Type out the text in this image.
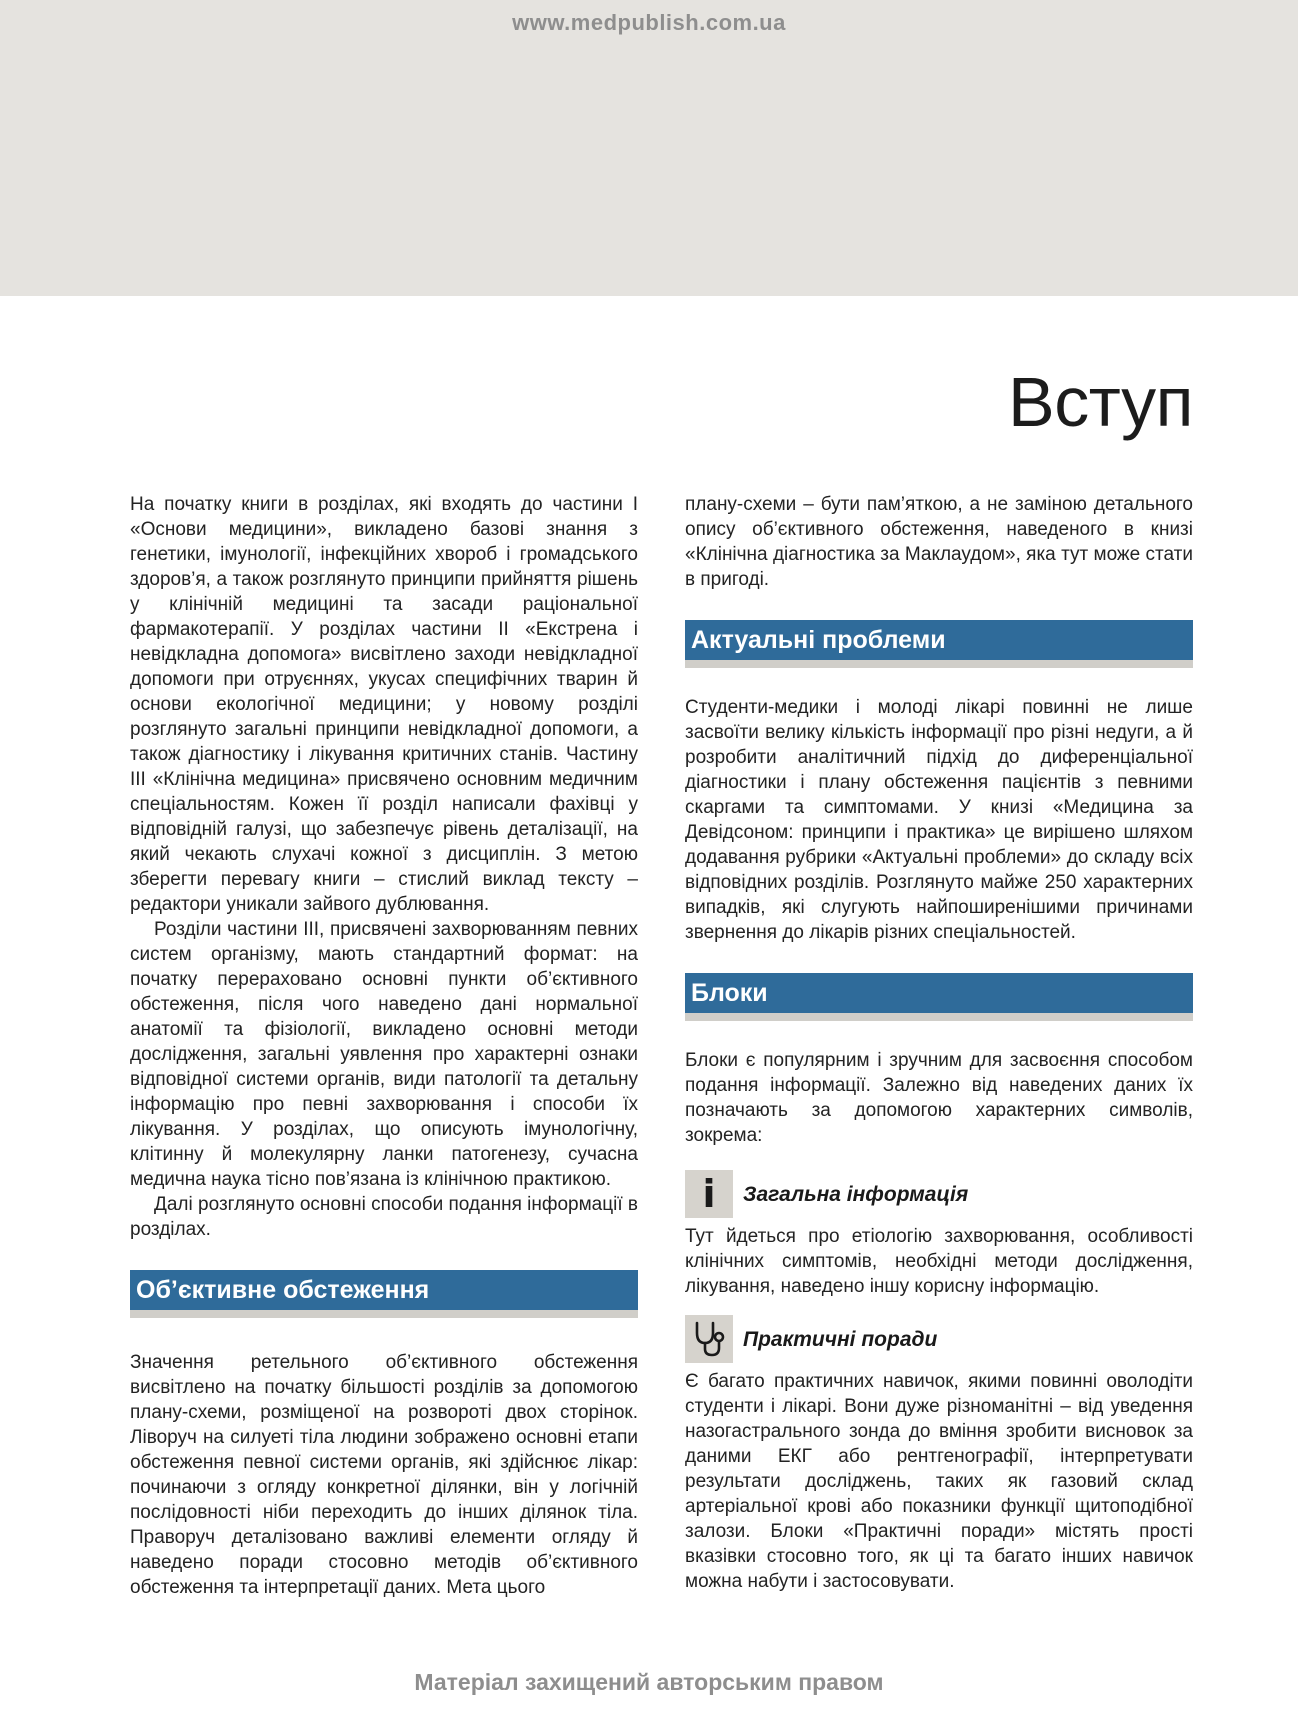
www.medpublish.com.ua
Вступ

На початку книги в розділах, які входять до частини І «Основи медицини», викладено базові знання з генетики, імунології, інфекційних хвороб і громадського здоров’я, а також розглянуто принципи прийняття рішень у клінічній медицині та засади раціональної фармакотерапії. У розділах частини ІІ «Екстрена і невідкладна допомога» висвітлено заходи невідкладної допомоги при отруєннях, укусах специфічних тварин й основи екологічної медицини; у новому розділі розглянуто загальні принципи невідкладної допомоги, а також діагностику і лікування критичних станів. Частину ІІІ «Клінічна медицина» присвячено основним медичним спеціальностям. Кожен її розділ написали фахівці у відповідній галузі, що забезпечує рівень деталізації, на який чекають слухачі кожної з дисциплін. З метою зберегти перевагу книги – стислий виклад тексту – редактори уникали зайвого дублювання.

Розділи частини ІІІ, присвячені захворюванням певних систем організму, мають стандартний формат: на початку перераховано основні пункти об’єктивного обстеження, після чого наведено дані нормальної анатомії та фізіології, викладено основні методи дослідження, загальні уявлення про характерні ознаки відповідної системи органів, види патології та детальну інформацію про певні захворювання і способи їх лікування. У розділах, що описують імунологічну, клітинну й молекулярну ланки патогенезу, сучасна медична наука тісно пов’язана із клінічною практикою.

Далі розглянуто основні способи подання інформації в розділах.

Об’єктивне обстеження

Значення ретельного об’єктивного обстеження висвітлено на початку більшості розділів за допомогою плану-схеми, розміщеної на розвороті двох сторінок. Ліворуч на силуеті тіла людини зображено основні етапи обстеження певної системи органів, які здійснює лікар: починаючи з огляду конкретної ділянки, він у логічній послідовності ніби переходить до інших ділянок тіла. Праворуч деталізовано важливі елементи огляду й наведено поради стосовно методів об’єктивного обстеження та інтерпретації даних. Мета цього

плану-схеми – бути пам’яткою, а не заміною детального опису об’єктивного обстеження, наведеного в книзі «Клінічна діагностика за Маклаудом», яка тут може стати в пригоді.

Актуальні проблеми

Студенти-медики і молоді лікарі повинні не лише засвоїти велику кількість інформації про різні недуги, а й розробити аналітичний підхід до диференціальної діагностики і плану обстеження пацієнтів з певними скаргами та симптомами. У книзі «Медицина за Девідсоном: принципи і практика» це вирішено шляхом додавання рубрики «Актуальні проблеми» до складу всіх відповідних розділів. Розглянуто майже 250 характерних випадків, які слугують найпоширенішими причинами звернення до лікарів різних спеціальностей.

Блоки

Блоки є популярним і зручним для засвоєння способом подання інформації. Залежно від наведених даних їх позначають за допомогою характерних символів, зокрема:

i Загальна інформація

Тут йдеться про етіологію захворювання, особливості клінічних симптомів, необхідні методи дослідження, лікування, наведено іншу корисну інформацію.

Практичні поради

Є багато практичних навичок, якими повинні оволодіти студенти і лікарі. Вони дуже різноманітні – від уведення назогастрального зонда до вміння зробити висновок за даними ЕКГ або рентгенографії, інтерпретувати результати досліджень, таких як газовий склад артеріальної крові або показники функції щитоподібної залози. Блоки «Практичні поради» містять прості вказівки стосовно того, як ці та багато інших навичок можна набути і застосовувати.

Матеріал захищений авторським правом
